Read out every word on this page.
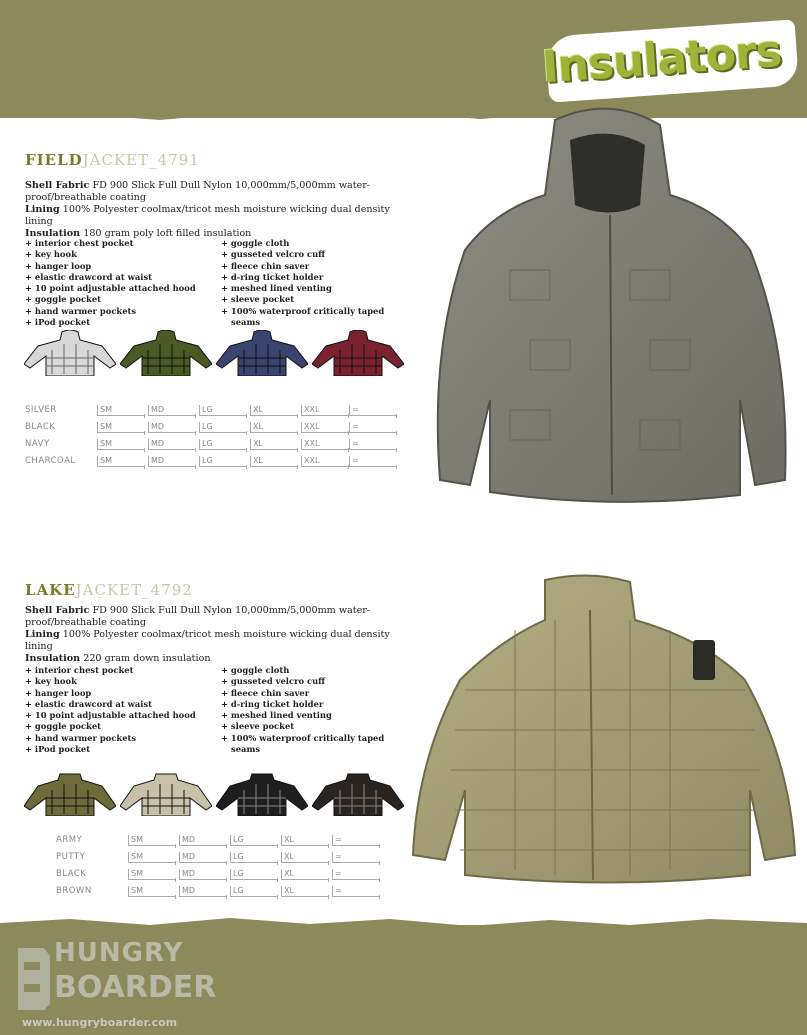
Insulators
FIELDJACKET_4791
Shell Fabric FD 900 Slick Full Dull Nylon 10,000mm/5,000mm water-proof/breathable coating
Lining 100% Polyester coolmax/tricot mesh moisture wicking dual density lining
Insulation 180 gram poly loft filled insulation
+ interior chest pocket
+ key hook
+ hanger loop
+ elastic drawcord at waist
+ 10 point adjustable attached hood
+ goggle pocket
+ hand warmer pockets
+ iPod pocket
+ goggle cloth
+ gusseted velcro cuff
+ fleece chin saver
+ d-ring ticket holder
+ meshed lined venting
+ sleeve pocket
+ 100% waterproof critically taped
seams
SILVER	SM	MD	LG	XL	XXL	=
BLACK	SM	MD	LG	XL	XXL	=
NAVY	SM	MD	LG	XL	XXL	=
CHARCOAL	SM	MD	LG	XL	XXL	=
LAKEJACKET_4792
Shell Fabric FD 900 Slick Full Dull Nylon 10,000mm/5,000mm water-proof/breathable coating
Lining 100% Polyester coolmax/tricot mesh moisture wicking dual density lining
Insulation 220 gram down insulation
+ interior chest pocket
+ key hook
+ hanger loop
+ elastic drawcord at waist
+ 10 point adjustable attached hood
+ goggle pocket
+ hand warmer pockets
+ iPod pocket
+ goggle cloth
+ gusseted velcro cuff
+ fleece chin saver
+ d-ring ticket holder
+ meshed lined venting
+ sleeve pocket
+ 100% waterproof critically taped
seams
ARMY	SM	MD	LG	XL	=
PUTTY	SM	MD	LG	XL	=
BLACK	SM	MD	LG	XL	=
BROWN	SM	MD	LG	XL	=
HUNGRY
BOARDER
www.hungryboarder.com
